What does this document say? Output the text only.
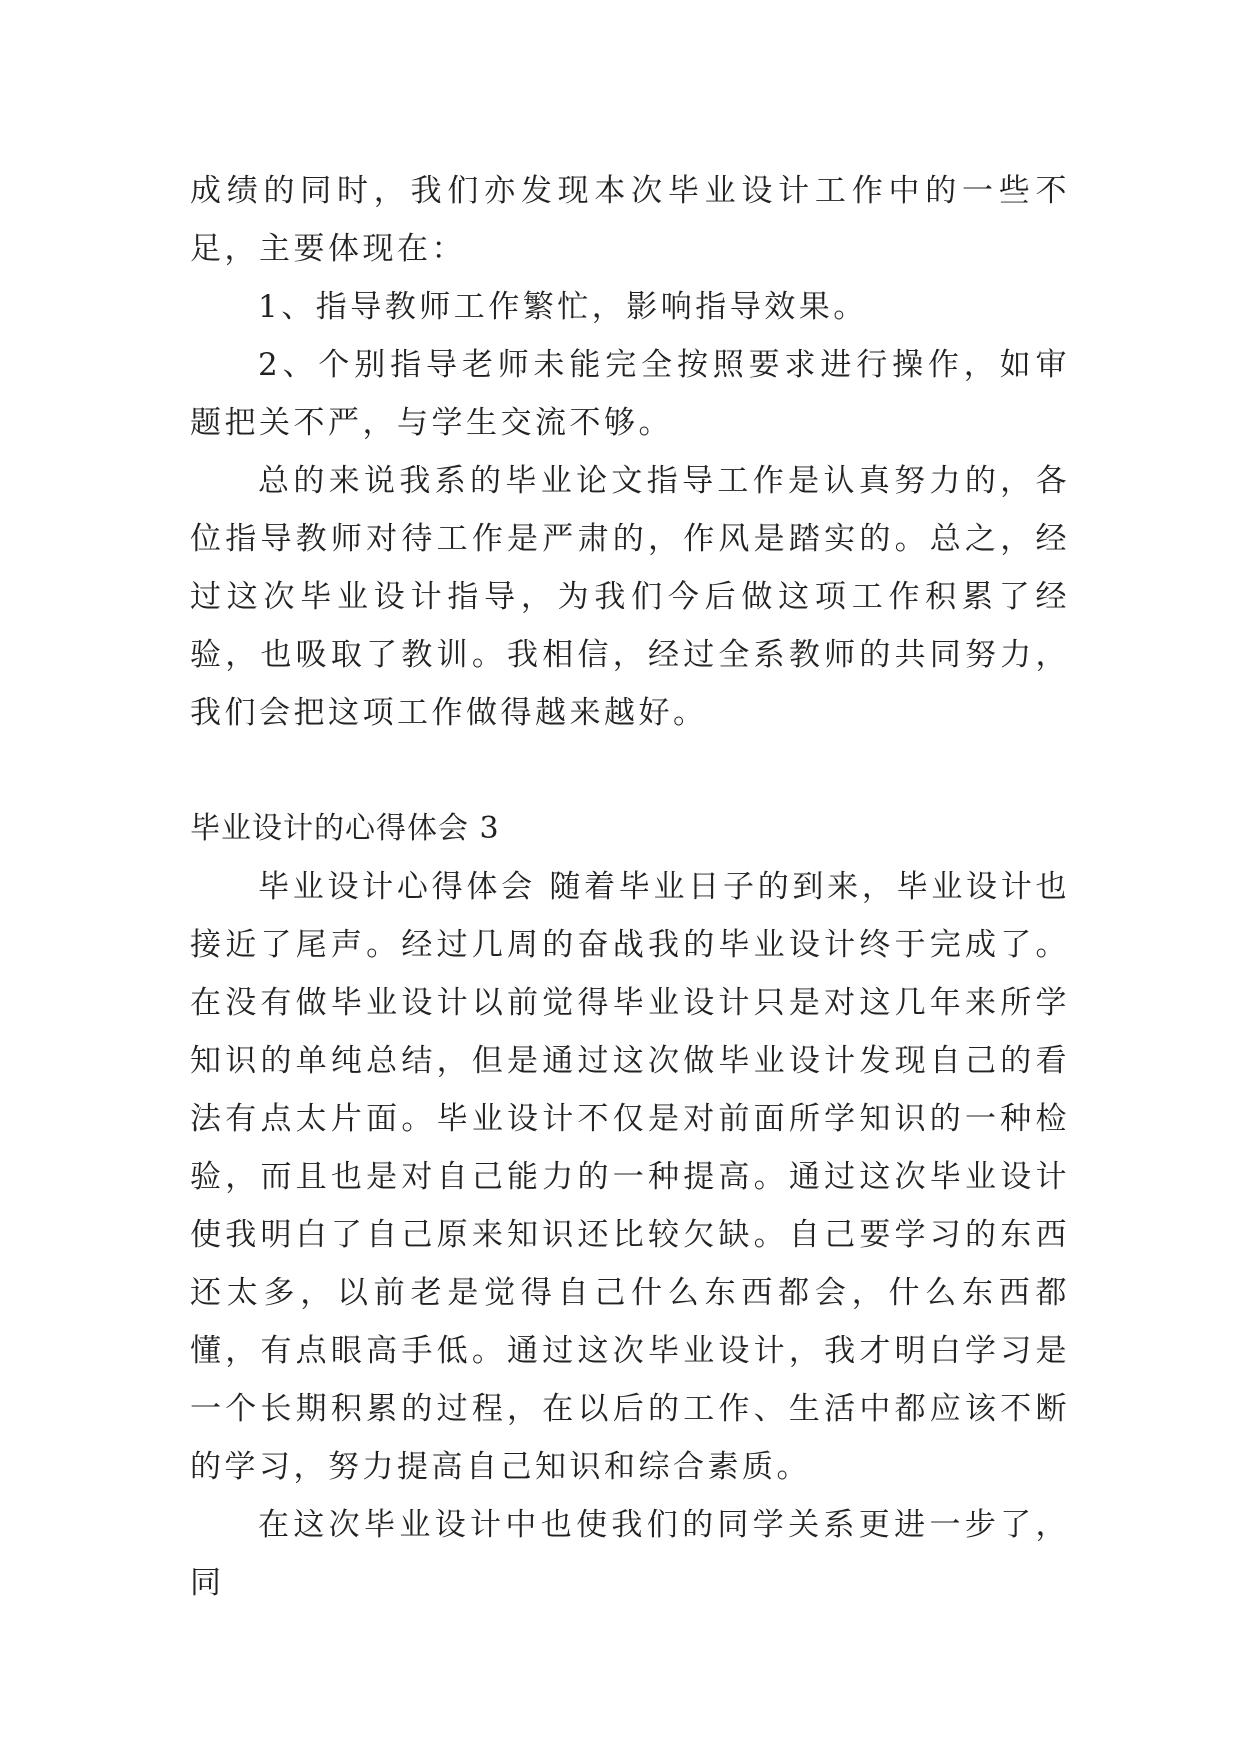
成绩的同时，我们亦发现本次毕业设计工作中的一些不足，主要体现在：

1、指导教师工作繁忙，影响指导效果。

2、个别指导老师未能完全按照要求进行操作，如审题把关不严，与学生交流不够。

总的来说我系的毕业论文指导工作是认真努力的，各位指导教师对待工作是严肃的，作风是踏实的。总之，经过这次毕业设计指导，为我们今后做这项工作积累了经验，也吸取了教训。我相信，经过全系教师的共同努力，我们会把这项工作做得越来越好。

毕业设计的心得体会 3

毕业设计心得体会 随着毕业日子的到来，毕业设计也接近了尾声。经过几周的奋战我的毕业设计终于完成了。在没有做毕业设计以前觉得毕业设计只是对这几年来所学知识的单纯总结，但是通过这次做毕业设计发现自己的看法有点太片面。毕业设计不仅是对前面所学知识的一种检验，而且也是对自己能力的一种提高。通过这次毕业设计使我明白了自己原来知识还比较欠缺。自己要学习的东西还太多，以前老是觉得自己什么东西都会，什么东西都懂，有点眼高手低。通过这次毕业设计，我才明白学习是一个长期积累的过程，在以后的工作、生活中都应该不断的学习，努力提高自己知识和综合素质。

在这次毕业设计中也使我们的同学关系更进一步了，同
